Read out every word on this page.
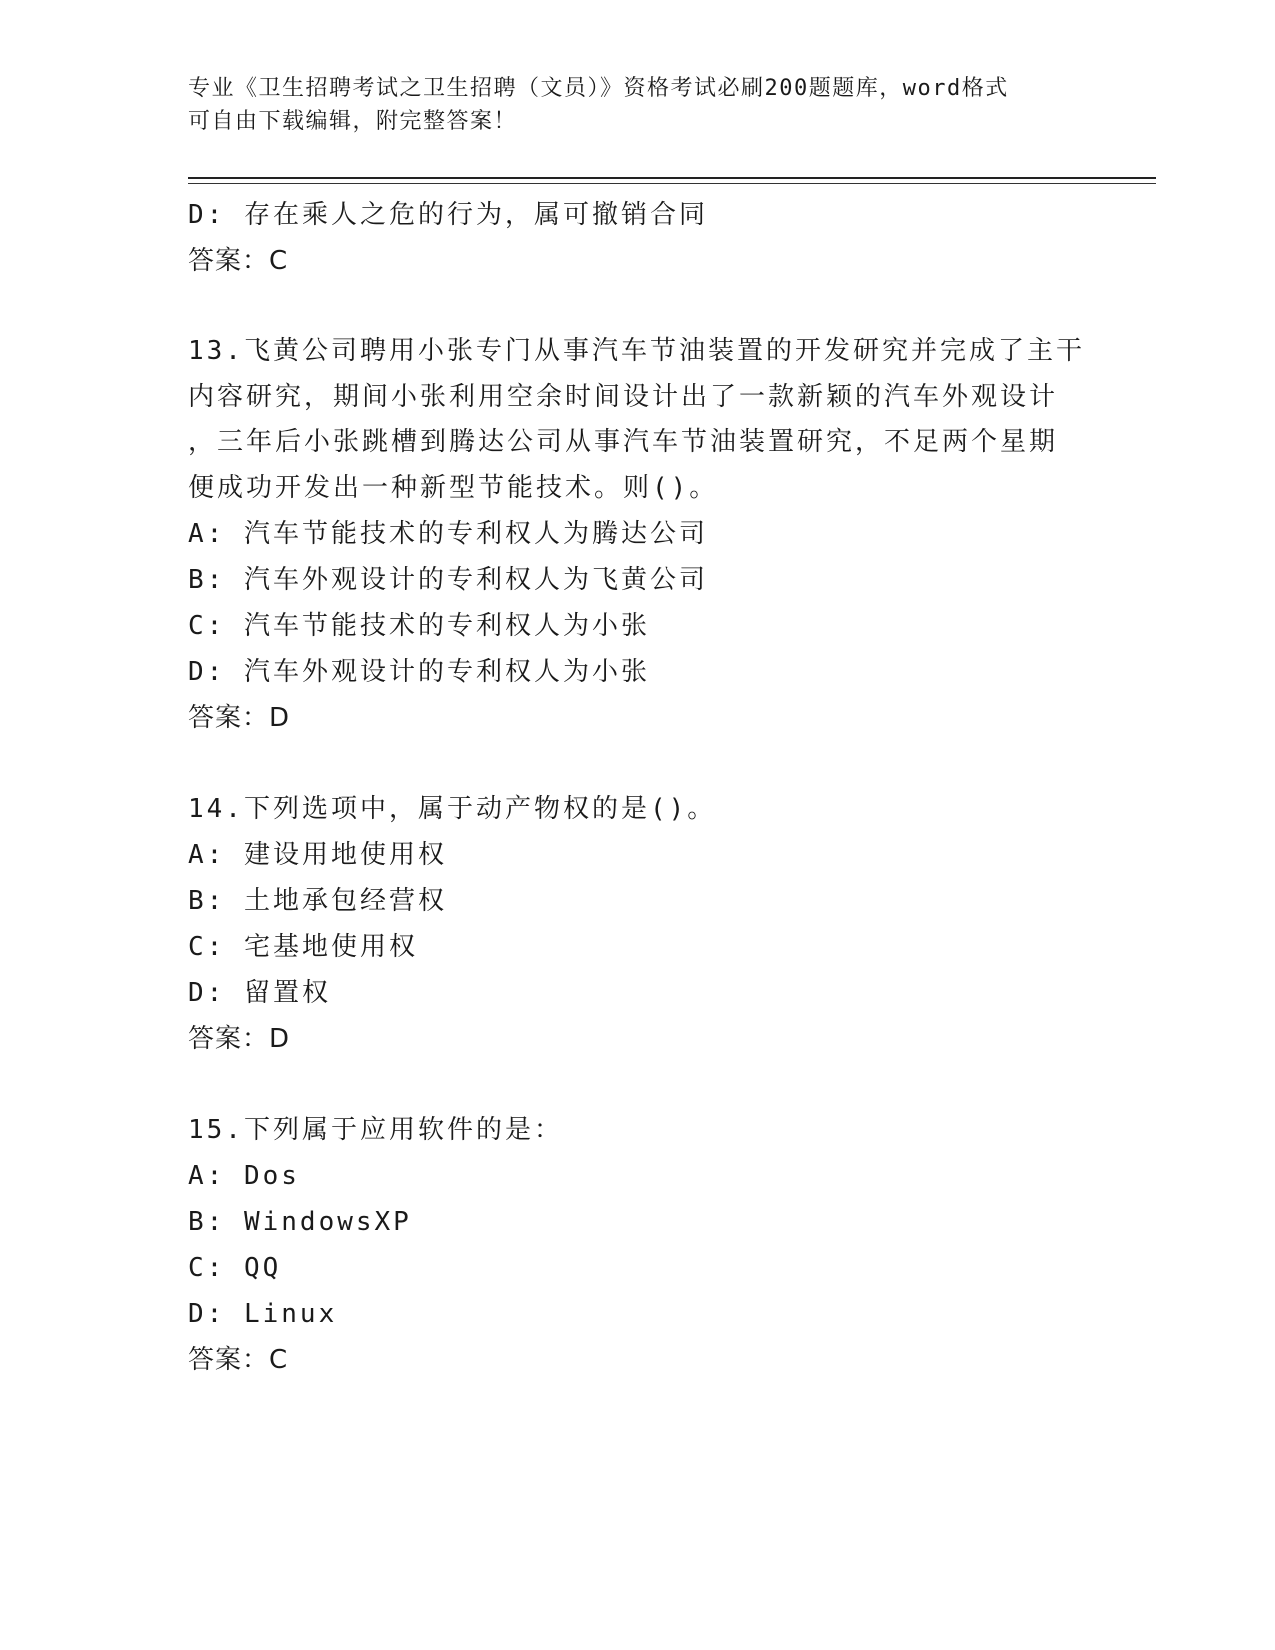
专业《卫生招聘考试之卫生招聘（文员）》资格考试必刷200题题库，word格式
可自由下载编辑，附完整答案！
D: 存在乘人之危的行为，属可撤销合同
答案：C
13.飞黄公司聘用小张专门从事汽车节油装置的开发研究并完成了主干
内容研究，期间小张利用空余时间设计出了一款新颖的汽车外观设计
，三年后小张跳槽到腾达公司从事汽车节油装置研究，不足两个星期
便成功开发出一种新型节能技术。则()。
A: 汽车节能技术的专利权人为腾达公司
B: 汽车外观设计的专利权人为飞黄公司
C: 汽车节能技术的专利权人为小张
D: 汽车外观设计的专利权人为小张
答案：D
14.下列选项中，属于动产物权的是()。
A: 建设用地使用权
B: 土地承包经营权
C: 宅基地使用权
D: 留置权
答案：D
15.下列属于应用软件的是：
A: Dos
B: WindowsXP
C: QQ
D: Linux
答案：C
